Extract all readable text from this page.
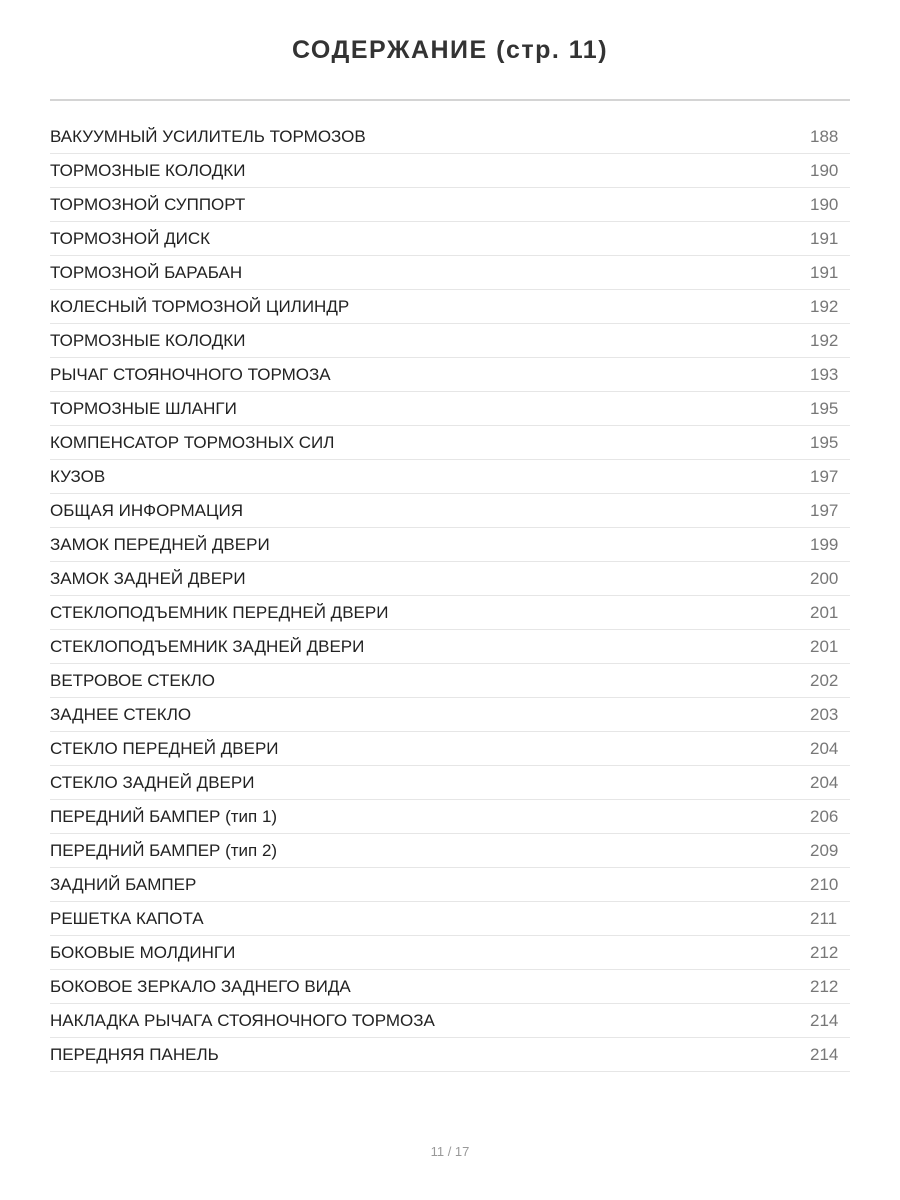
СОДЕРЖАНИЕ (стр. 11)
ВАКУУМНЫЙ УСИЛИТЕЛЬ ТОРМОЗОВ	188
ТОРМОЗНЫЕ КОЛОДКИ	190
ТОРМОЗНОЙ СУППОРТ	190
ТОРМОЗНОЙ ДИСК	191
ТОРМОЗНОЙ БАРАБАН	191
КОЛЕСНЫЙ ТОРМОЗНОЙ ЦИЛИНДР	192
ТОРМОЗНЫЕ КОЛОДКИ	192
РЫЧАГ СТОЯНОЧНОГО ТОРМОЗА	193
ТОРМОЗНЫЕ ШЛАНГИ	195
КОМПЕНСАТОР ТОРМОЗНЫХ СИЛ	195
КУЗОВ	197
ОБЩАЯ ИНФОРМАЦИЯ	197
ЗАМОК ПЕРЕДНЕЙ ДВЕРИ	199
ЗАМОК ЗАДНЕЙ ДВЕРИ	200
СТЕКЛОПОДЪЕМНИК ПЕРЕДНЕЙ ДВЕРИ	201
СТЕКЛОПОДЪЕМНИК ЗАДНЕЙ ДВЕРИ	201
ВЕТРОВОЕ СТЕКЛО	202
ЗАДНЕЕ СТЕКЛО	203
СТЕКЛО ПЕРЕДНЕЙ ДВЕРИ	204
СТЕКЛО ЗАДНЕЙ ДВЕРИ	204
ПЕРЕДНИЙ БАМПЕР (тип 1)	206
ПЕРЕДНИЙ БАМПЕР (тип 2)	209
ЗАДНИЙ БАМПЕР	210
РЕШЕТКА КАПОТА	211
БОКОВЫЕ МОЛДИНГИ	212
БОКОВОЕ ЗЕРКАЛО ЗАДНЕГО ВИДА	212
НАКЛАДКА РЫЧАГА СТОЯНОЧНОГО ТОРМОЗА	214
ПЕРЕДНЯЯ ПАНЕЛЬ	214
11 / 17
